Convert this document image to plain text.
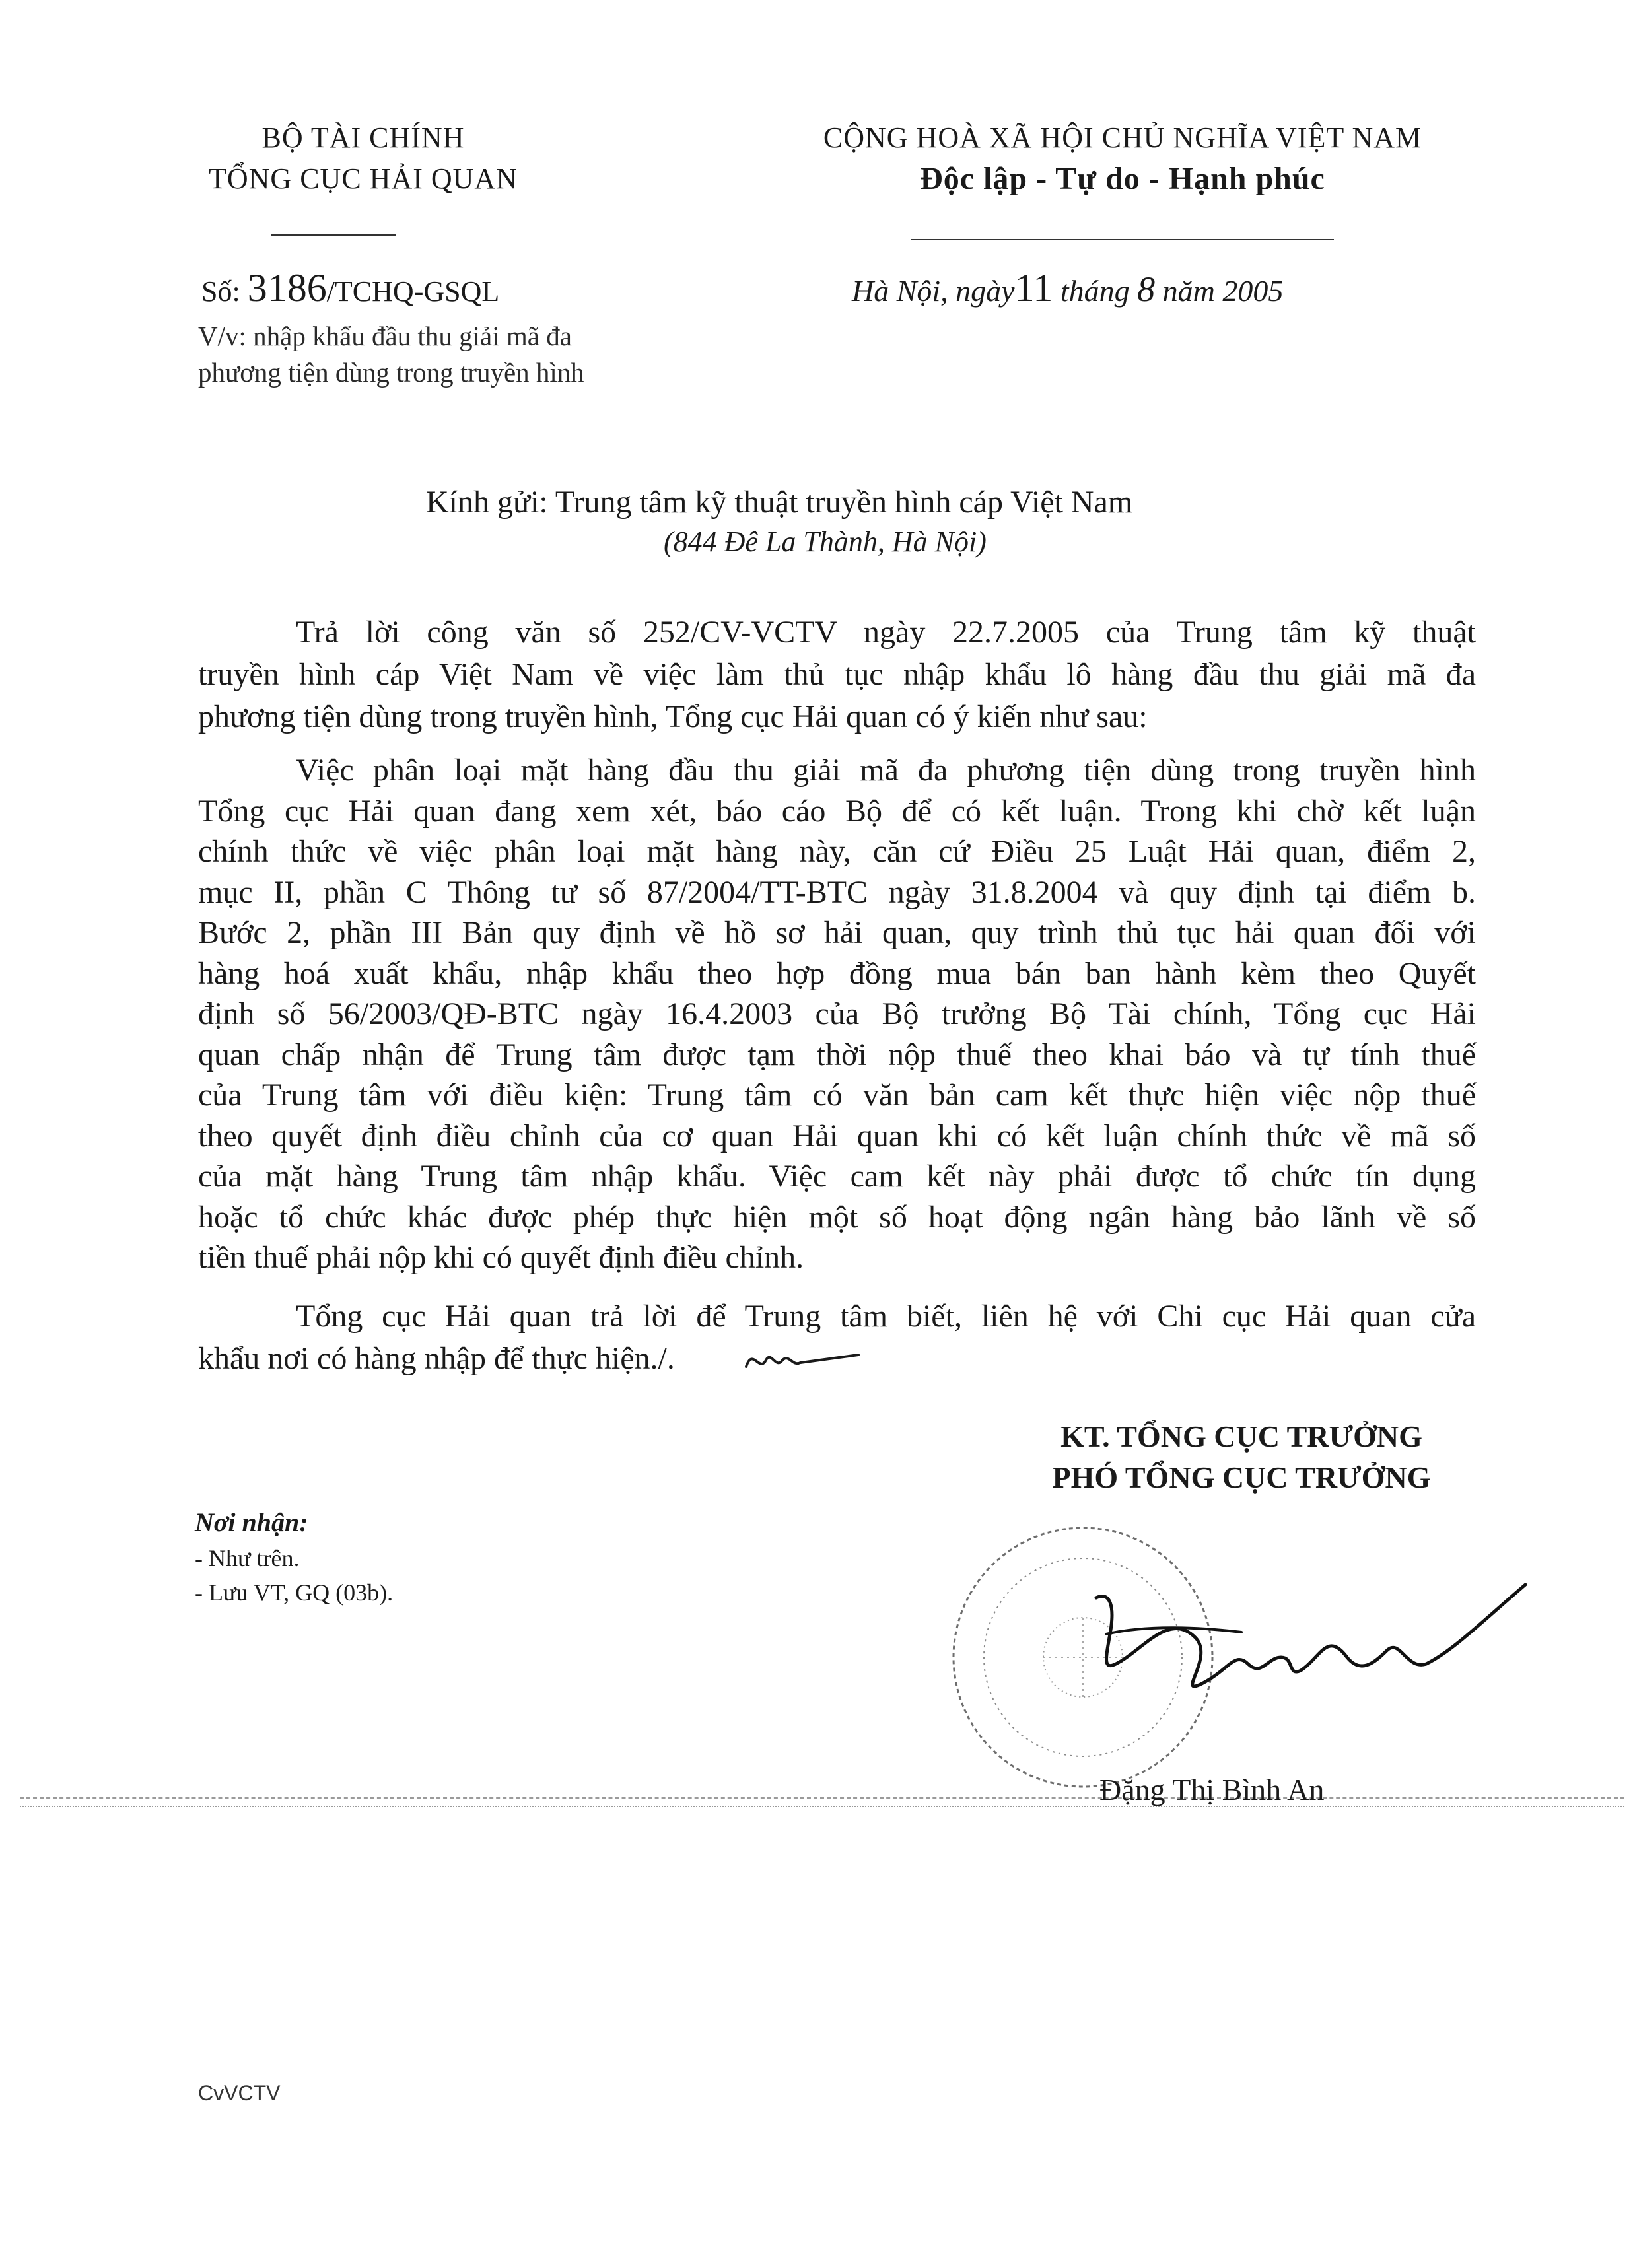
BỘ TÀI CHÍNH
TỔNG CỤC HẢI QUAN
CỘNG HOÀ XÃ HỘI CHỦ NGHĨA VIỆT NAM
Độc lập - Tự do - Hạnh phúc
Số: 3186/TCHQ-GSQL
V/v: nhập khẩu đầu thu giải mã đa
phương tiện dùng trong truyền hình
Hà Nội, ngày11 tháng 8 năm 2005
Kính gửi: Trung tâm kỹ thuật truyền hình cáp Việt Nam
(844 Đê La Thành, Hà Nội)
Trả lời công văn số 252/CV-VCTV ngày 22.7.2005 của Trung tâm kỹ thuật
truyền hình cáp Việt Nam về việc làm thủ tục nhập khẩu lô hàng đầu thu giải mã đa
phương tiện dùng trong truyền hình, Tổng cục Hải quan có ý kiến như sau:
Việc phân loại mặt hàng đầu thu giải mã đa phương tiện dùng trong truyền hình
Tổng cục Hải quan đang xem xét, báo cáo Bộ để có kết luận. Trong khi chờ kết luận
chính thức về việc phân loại mặt hàng này, căn cứ Điều 25 Luật Hải quan, điểm 2,
mục II, phần C Thông tư số 87/2004/TT-BTC ngày 31.8.2004 và quy định tại điểm b.
Bước 2, phần III Bản quy định về hồ sơ hải quan, quy trình thủ tục hải quan đối với
hàng hoá xuất khẩu, nhập khẩu theo hợp đồng mua bán ban hành kèm theo Quyết
định số 56/2003/QĐ-BTC ngày 16.4.2003 của Bộ trưởng Bộ Tài chính, Tổng cục Hải
quan chấp nhận để Trung tâm được tạm thời nộp thuế theo khai báo và tự tính thuế
của Trung tâm với điều kiện: Trung tâm có văn bản cam kết thực hiện việc nộp thuế
theo quyết định điều chỉnh của cơ quan Hải quan khi có kết luận chính thức về mã số
của mặt hàng Trung tâm nhập khẩu. Việc cam kết này phải được tổ chức tín dụng
hoặc tổ chức khác được phép thực hiện một số hoạt động ngân hàng bảo lãnh về số
tiền thuế phải nộp khi có quyết định điều chỉnh.
Tổng cục Hải quan trả lời để Trung tâm biết, liên hệ với Chi cục Hải quan cửa
khẩu nơi có hàng nhập để thực hiện./.
KT. TỔNG CỤC TRƯỞNG
PHÓ TỔNG CỤC TRƯỞNG
Nơi nhận:
- Như trên.
- Lưu VT, GQ (03b).
Đặng Thị Bình An
CvVCTV
